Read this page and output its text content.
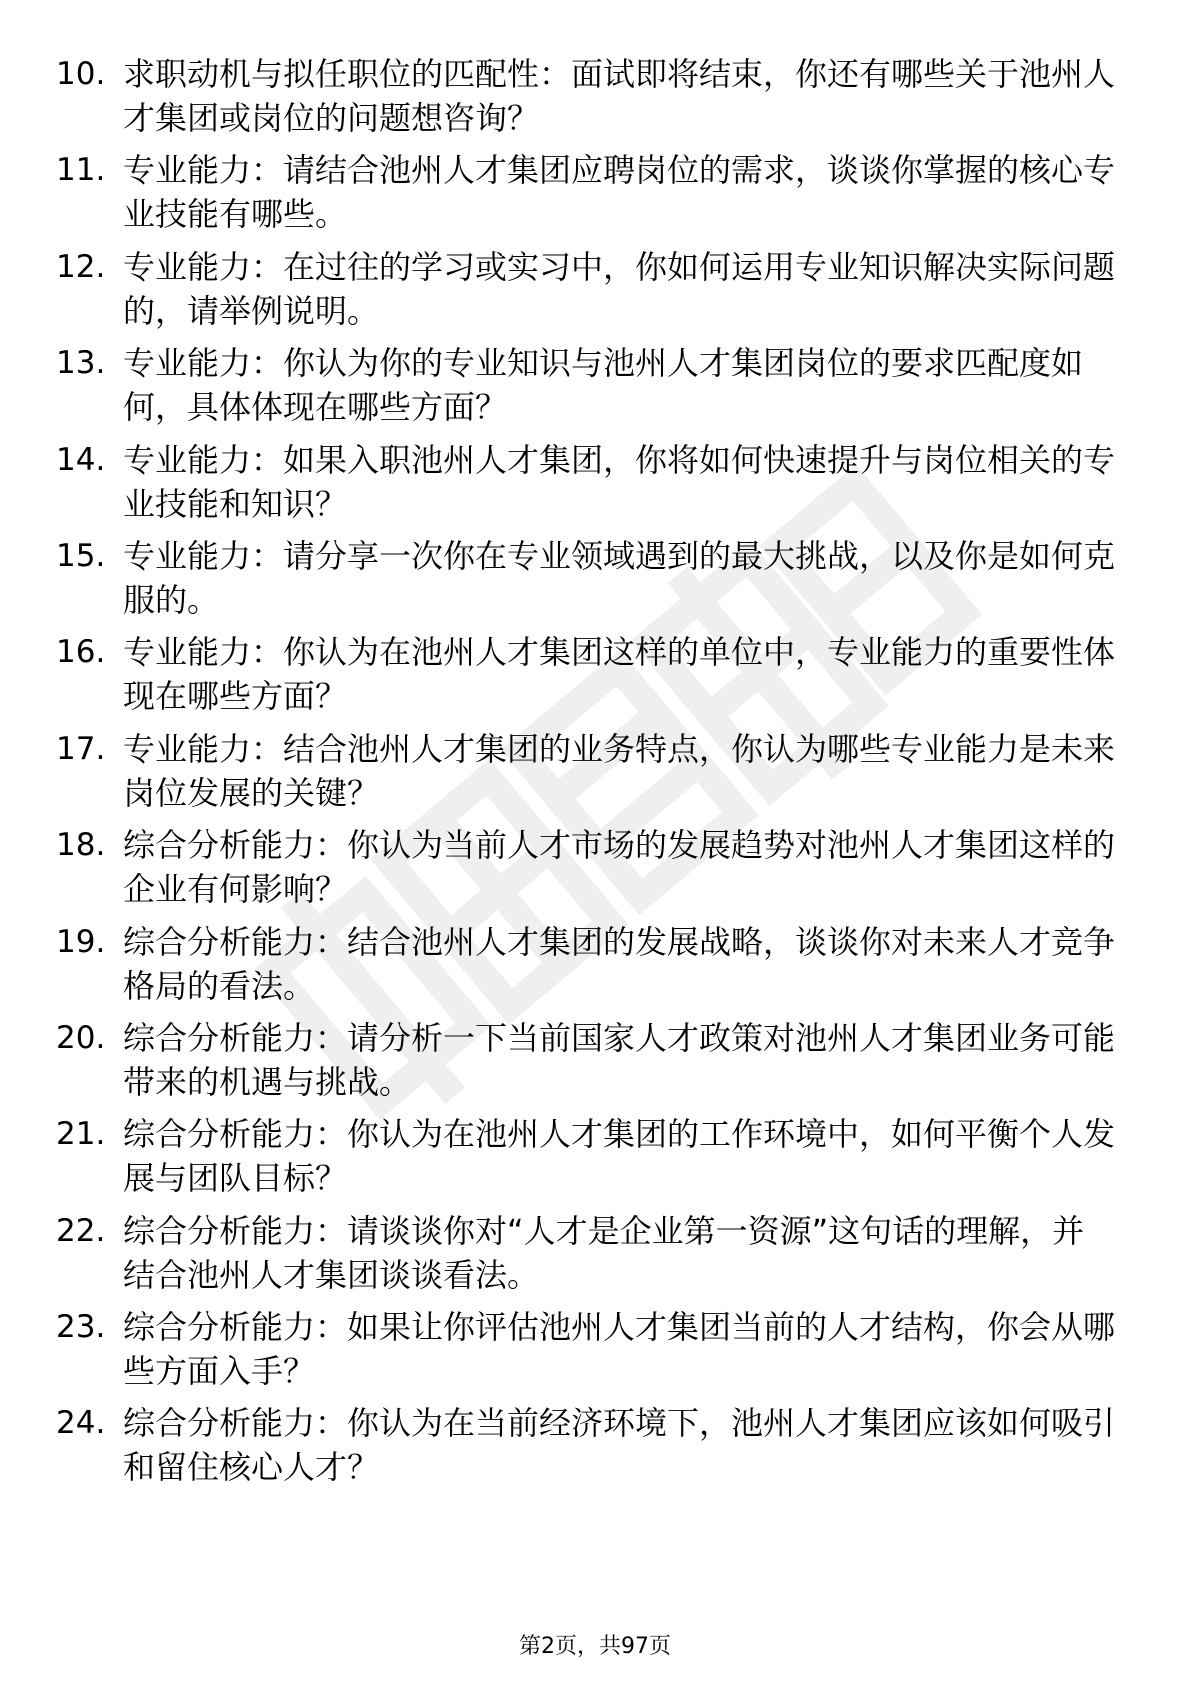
10. 求职动机与拟任职位的匹配性：面试即将结束，你还有哪些关于池州人才集团或岗位的问题想咨询？
11. 专业能力：请结合池州人才集团应聘岗位的需求，谈谈你掌握的核心专业技能有哪些。
12. 专业能力：在过往的学习或实习中，你如何运用专业知识解决实际问题的，请举例说明。
13. 专业能力：你认为你的专业知识与池州人才集团岗位的要求匹配度如何，具体体现在哪些方面？
14. 专业能力：如果入职池州人才集团，你将如何快速提升与岗位相关的专业技能和知识？
15. 专业能力：请分享一次你在专业领域遇到的最大挑战，以及你是如何克服的。
16. 专业能力：你认为在池州人才集团这样的单位中，专业能力的重要性体现在哪些方面？
17. 专业能力：结合池州人才集团的业务特点，你认为哪些专业能力是未来岗位发展的关键？
18. 综合分析能力：你认为当前人才市场的发展趋势对池州人才集团这样的企业有何影响？
19. 综合分析能力：结合池州人才集团的发展战略，谈谈你对未来人才竞争格局的看法。
20. 综合分析能力：请分析一下当前国家人才政策对池州人才集团业务可能带来的机遇与挑战。
21. 综合分析能力：你认为在池州人才集团的工作环境中，如何平衡个人发展与团队目标？
22. 综合分析能力：请谈谈你对“人才是企业第一资源”这句话的理解，并结合池州人才集团谈谈看法。
23. 综合分析能力：如果让你评估池州人才集团当前的人才结构，你会从哪些方面入手？
24. 综合分析能力：你认为在当前经济环境下，池州人才集团应该如何吸引和留住核心人才？
第2页，共97页
